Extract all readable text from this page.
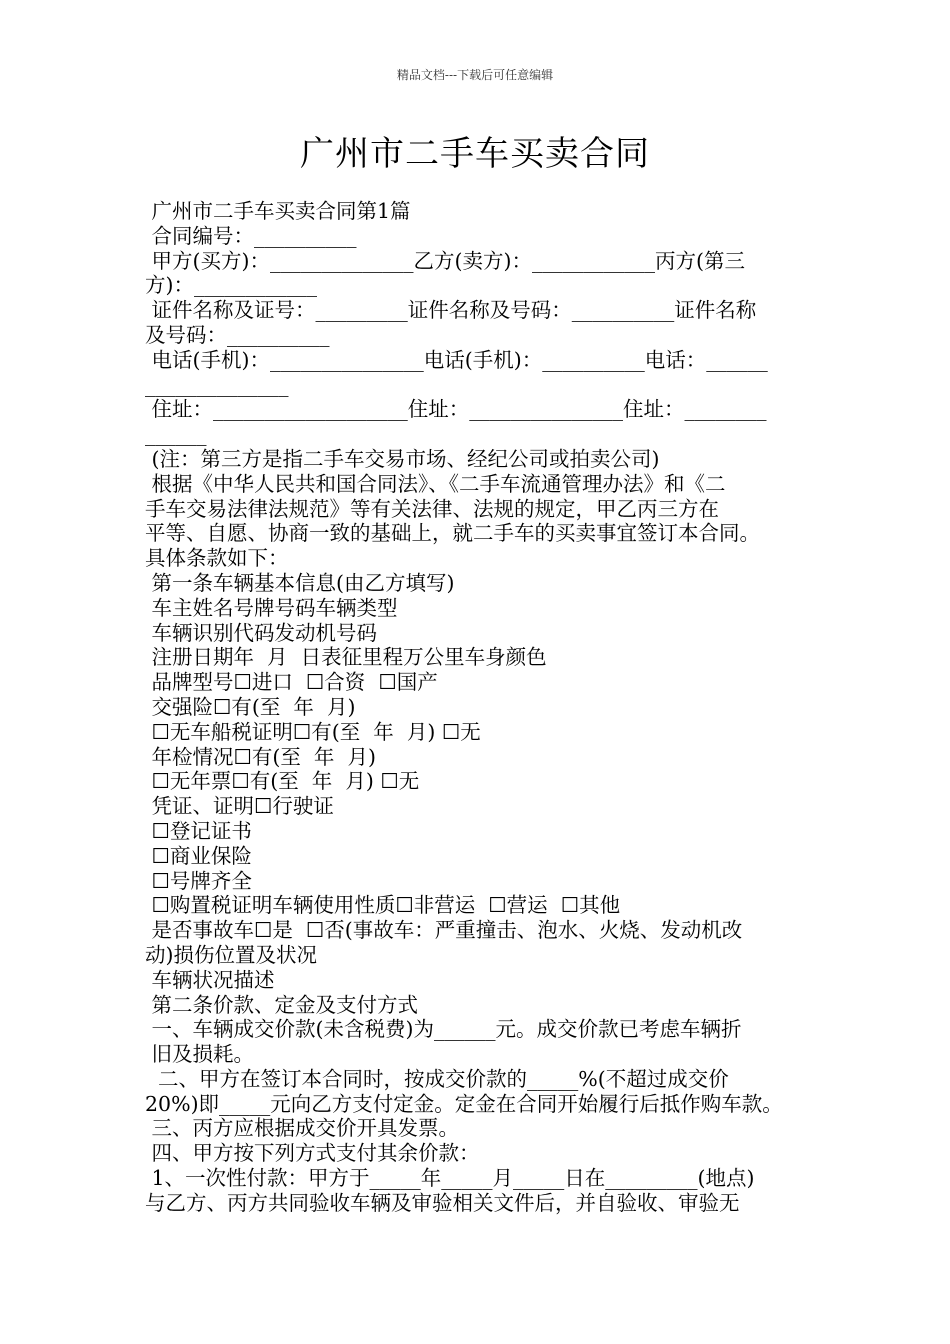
精品文档---下载后可任意编辑
广州市二手车买卖合同
广州市二手车买卖合同第1篇
合同编号：__________
甲方(买方)：______________乙方(卖方)：____________丙方(第三
方)：____________
证件名称及证号：_________证件名称及号码：__________证件名称
及号码：__________
电话(手机)：_______________电话(手机)：__________电话：______
______________
住址：___________________住址：_______________住址：________
______
(注：第三方是指二手车交易市场、经纪公司或拍卖公司)
根据《中华人民共和国合同法》、《二手车流通管理办法》和《二
手车交易法律法规范》等有关法律、法规的规定，甲乙丙三方在
平等、自愿、协商一致的基础上，就二手车的买卖事宜签订本合同。
具体条款如下：
第一条车辆基本信息(由乙方填写)
车主姓名号牌号码车辆类型
车辆识别代码发动机号码
注册日期年  月  日表征里程万公里车身颜色
品牌型号☐进口  ☐合资  ☐国产
交强险☐有(至  年  月)
☐无车船税证明☐有(至  年  月) ☐无
年检情况☐有(至  年  月)
☐无年票☐有(至  年  月) ☐无
凭证、证明☐行驶证
☐登记证书
☐商业保险
☐号牌齐全
☐购置税证明车辆使用性质☐非营运  ☐营运  ☐其他
是否事故车☐是  ☐否(事故车：严重撞击、泡水、火烧、发动机改
动)损伤位置及状况
车辆状况描述
第二条价款、定金及支付方式
一、车辆成交价款(未含税费)为______元。成交价款已考虑车辆折
旧及损耗。
二、甲方在签订本合同时，按成交价款的_____%(不超过成交价
20%)即_____元向乙方支付定金。定金在合同开始履行后抵作购车款。
三、丙方应根据成交价开具发票。
四、甲方按下列方式支付其余价款：
1、一次性付款：甲方于_____年_____月_____日在_________(地点)
与乙方、丙方共同验收车辆及审验相关文件后，并自验收、审验无
